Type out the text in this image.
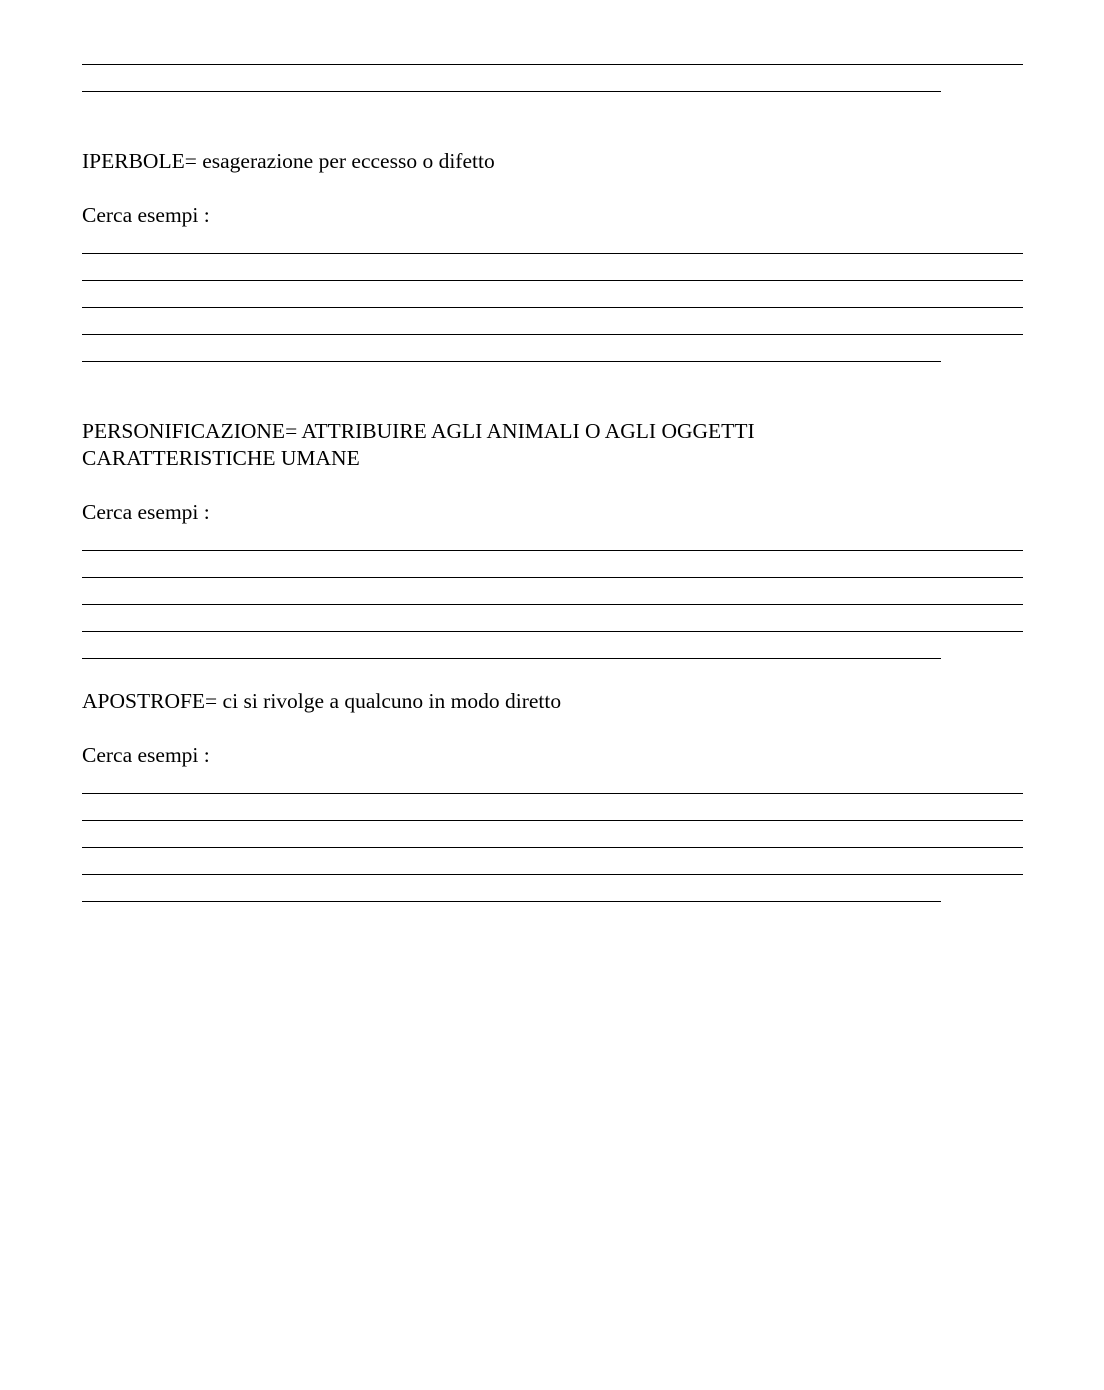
IPERBOLE= esagerazione per eccesso o difetto
Cerca esempi :
PERSONIFICAZIONE= ATTRIBUIRE AGLI ANIMALI O AGLI OGGETTI
CARATTERISTICHE UMANE
Cerca esempi :
APOSTROFE= ci si rivolge a qualcuno in modo diretto
Cerca esempi :
